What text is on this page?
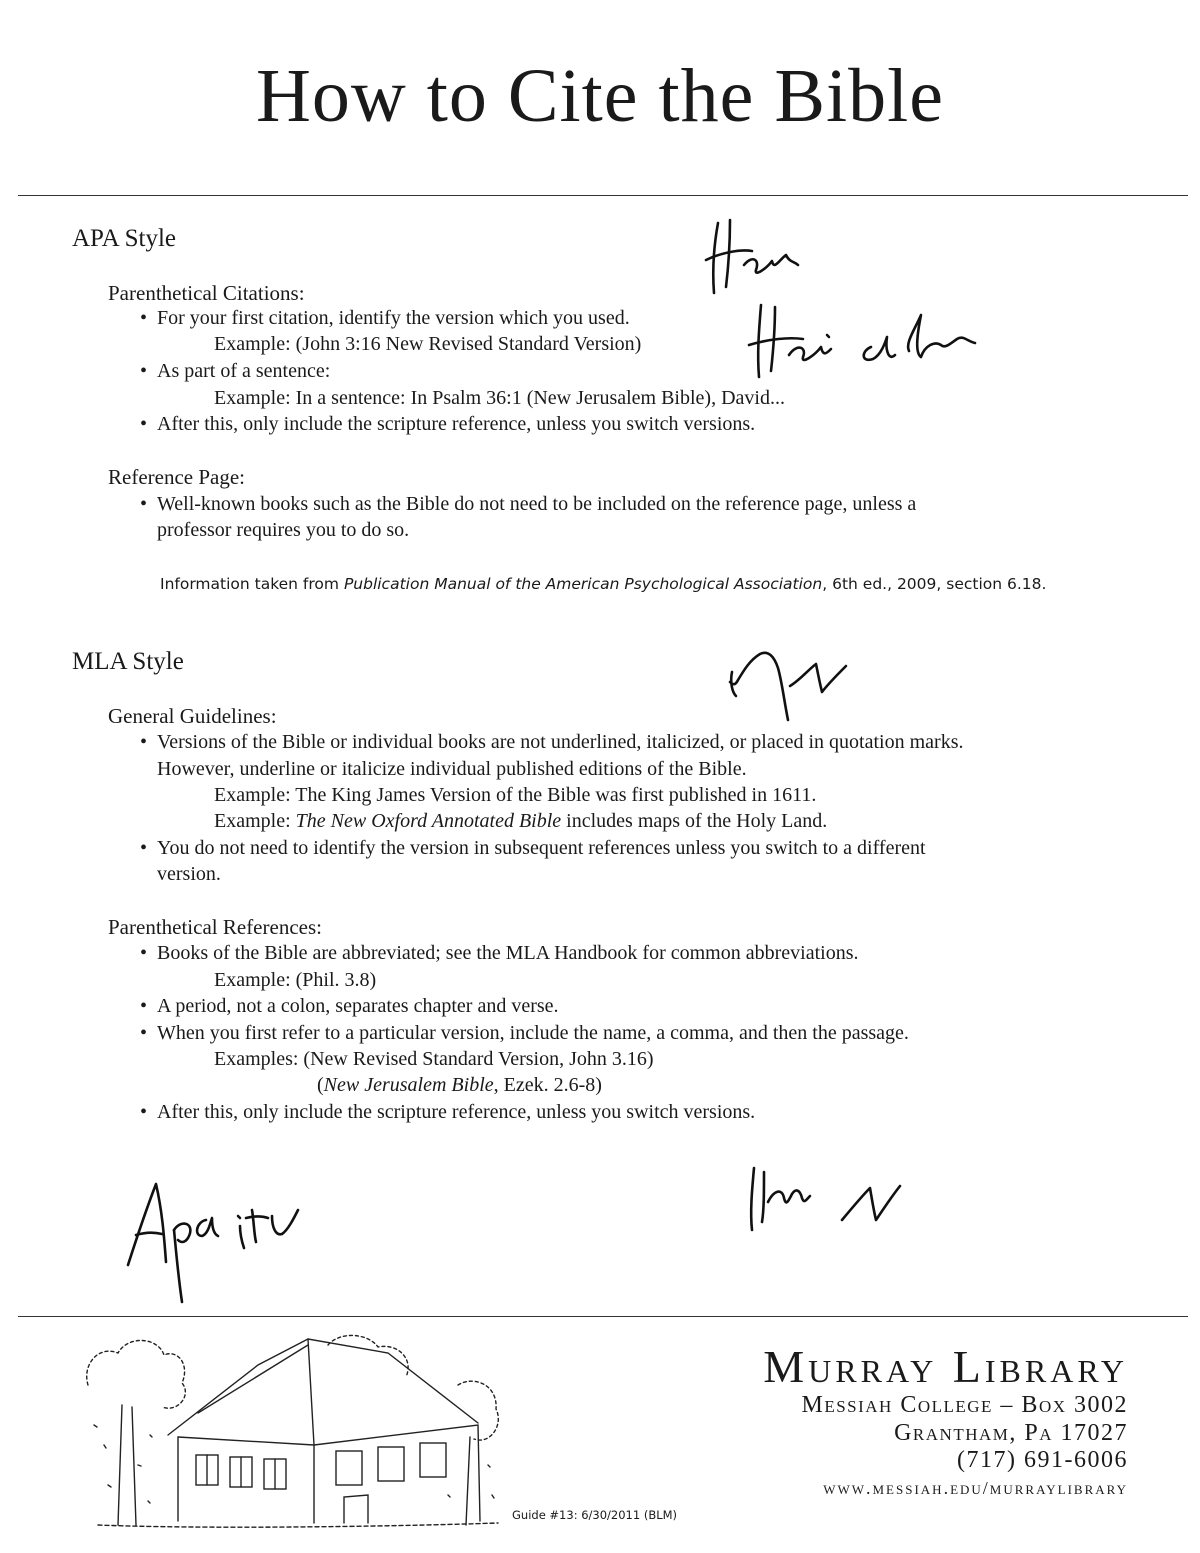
How to Cite the Bible
APA Style
Parenthetical Citations:
• For your first citation, identify the version which you used.
Example: (John 3:16 New Revised Standard Version)
• As part of a sentence:
Example: In a sentence: In Psalm 36:1 (New Jerusalem Bible), David...
• After this, only include the scripture reference, unless you switch versions.
Reference Page:
• Well-known books such as the Bible do not need to be included on the reference page, unless a
professor requires you to do so.
Information taken from Publication Manual of the American Psychological Association, 6th ed., 2009, section 6.18.
MLA Style
General Guidelines:
• Versions of the Bible or individual books are not underlined, italicized, or placed in quotation marks.
However, underline or italicize individual published editions of the Bible.
Example: The King James Version of the Bible was first published in 1611.
Example: The New Oxford Annotated Bible includes maps of the Holy Land.
• You do not need to identify the version in subsequent references unless you switch to a different
version.
Parenthetical References:
• Books of the Bible are abbreviated; see the MLA Handbook for common abbreviations.
Example: (Phil. 3.8)
• A period, not a colon, separates chapter and verse.
• When you first refer to a particular version, include the name, a comma, and then the passage.
Examples: (New Revised Standard Version, John 3.16)
(New Jerusalem Bible, Ezek. 2.6-8)
• After this, only include the scripture reference, unless you switch versions.
Murray Library
Messiah College – Box 3002
Grantham, Pa 17027
(717) 691-6006
www.messiah.edu/murraylibrary
Guide #13: 6/30/2011 (BLM)
